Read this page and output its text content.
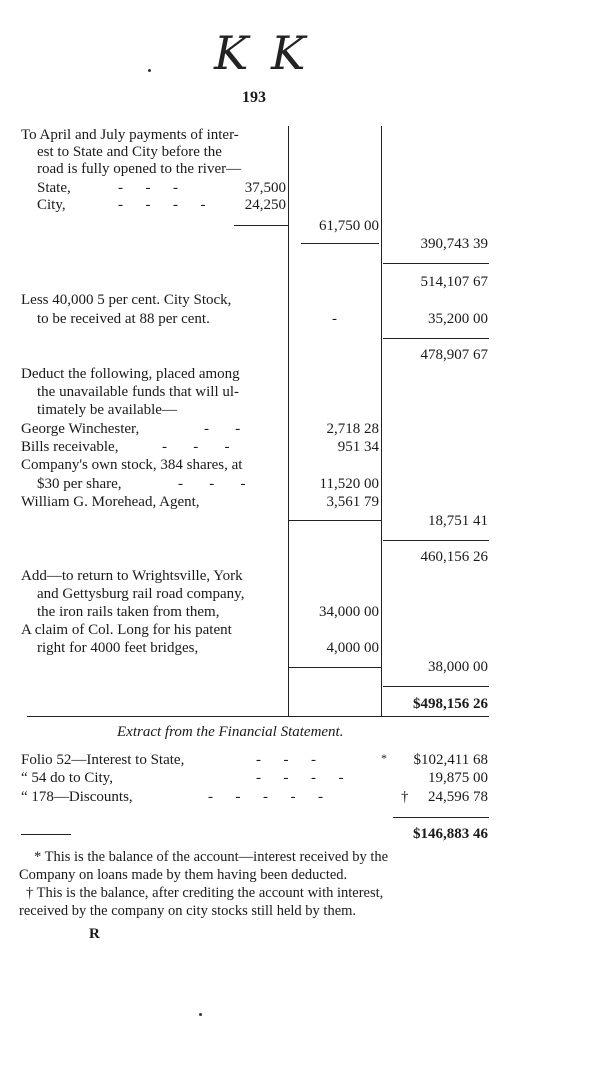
K K
193
To April and July payments of inter-
est to State and City before the
road is fully opened to the river—
State,	-      -      -	37,500
City,	-      -      -      -	24,250
61,750 00
390,743 39
514,107 67
Less 40,000 5 per cent. City Stock,
to be received at 88 per cent.	-	35,200 00
478,907 67
Deduct the following, placed among
the unavailable funds that will ul-
timately be available—
George Winchester,	-       -	2,718 28
Bills receivable,	-       -       -	951 34
Company's own stock, 384 shares, at
$30 per share,	-       -       -	11,520 00
William G. Morehead, Agent,	3,561 79
18,751 41
460,156 26
Add—to return to Wrightsville, York
and Gettysburg rail road company,
the iron rails taken from them,	34,000 00
A claim of Col. Long for his patent
right for 4000 feet bridges,	4,000 00
38,000 00
$498,156 26
Extract from the Financial Statement.
Folio 52—Interest to State,	-      -      -	*	$102,411 68
“ 54 do to City,	-      -      -      -	19,875 00
“ 178—Discounts,	-      -      -      -      -	†	24,596 78
$146,883 46
* This is the balance of the account—interest received by the
Company on loans made by them having been deducted.
† This is the balance, after crediting the account with interest,
received by the company on city stocks still held by them.
R
